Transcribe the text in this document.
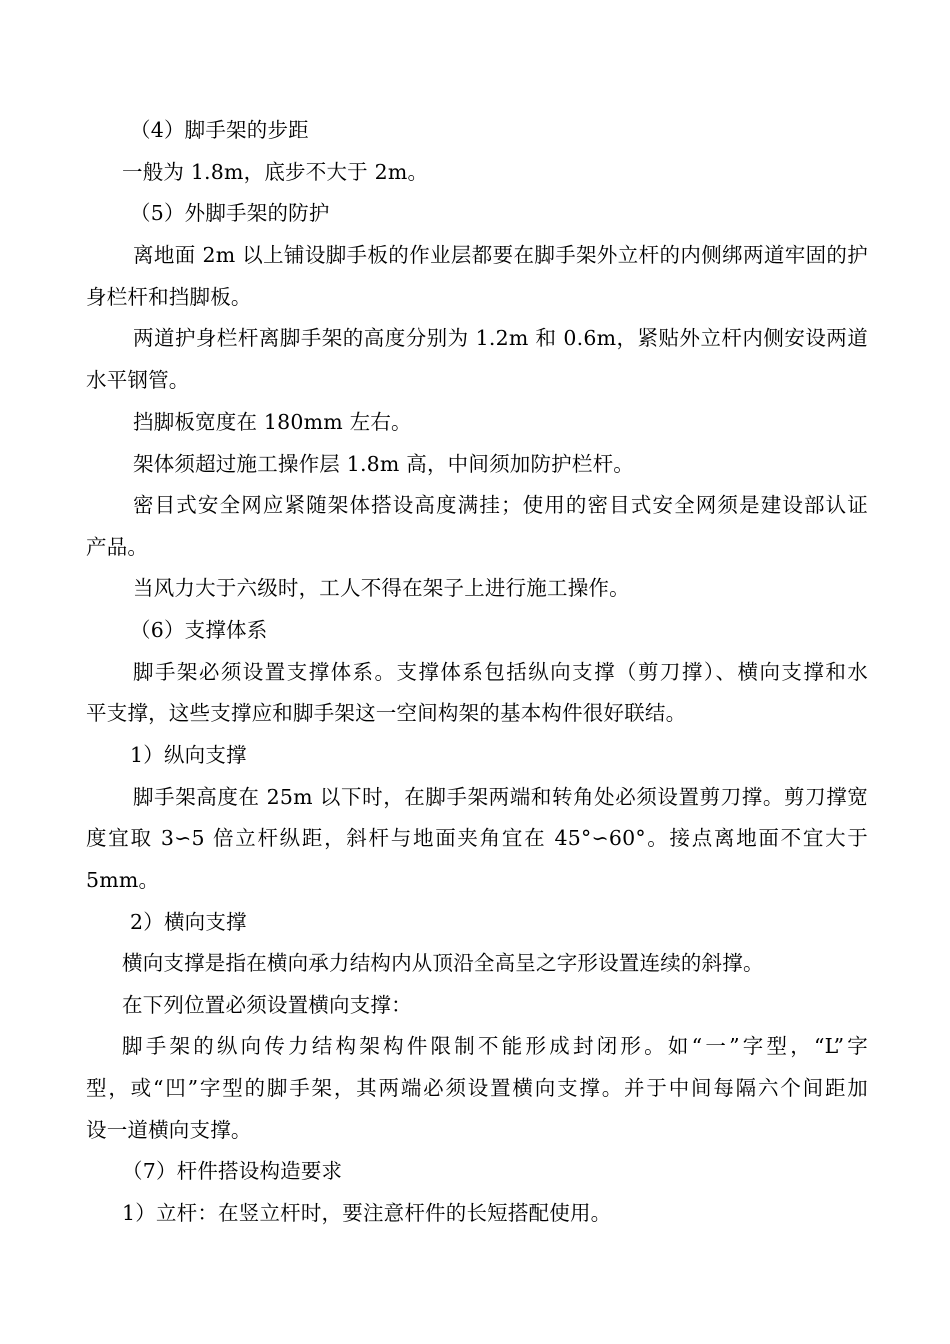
（4）脚手架的步距
一般为 1.8m，底步不大于 2m。
（5）外脚手架的防护
离地面 2m 以上铺设脚手板的作业层都要在脚手架外立杆的内侧绑两道牢固的护
身栏杆和挡脚板。
两道护身栏杆离脚手架的高度分别为 1.2m 和 0.6m，紧贴外立杆内侧安设两道
水平钢管。
挡脚板宽度在 180mm 左右。
架体须超过施工操作层 1.8m 高，中间须加防护栏杆。
密目式安全网应紧随架体搭设高度满挂；使用的密目式安全网须是建设部认证
产品。
当风力大于六级时，工人不得在架子上进行施工操作。
（6）支撑体系
脚手架必须设置支撑体系。支撑体系包括纵向支撑（剪刀撑）、横向支撑和水
平支撑，这些支撑应和脚手架这一空间构架的基本构件很好联结。
1）纵向支撑
脚手架高度在 25m 以下时，在脚手架两端和转角处必须设置剪刀撑。剪刀撑宽
度宜取 3∽5 倍立杆纵距，斜杆与地面夹角宜在 45°∽60°。接点离地面不宜大于
5mm。
2）横向支撑
横向支撑是指在横向承力结构内从顶沿全高呈之字形设置连续的斜撑。
在下列位置必须设置横向支撑：
脚手架的纵向传力结构架构件限制不能形成封闭形。如“一”字型，“L”字
型，或“凹”字型的脚手架，其两端必须设置横向支撑。并于中间每隔六个间距加
设一道横向支撑。
（7）杆件搭设构造要求
1）立杆：在竖立杆时，要注意杆件的长短搭配使用。
